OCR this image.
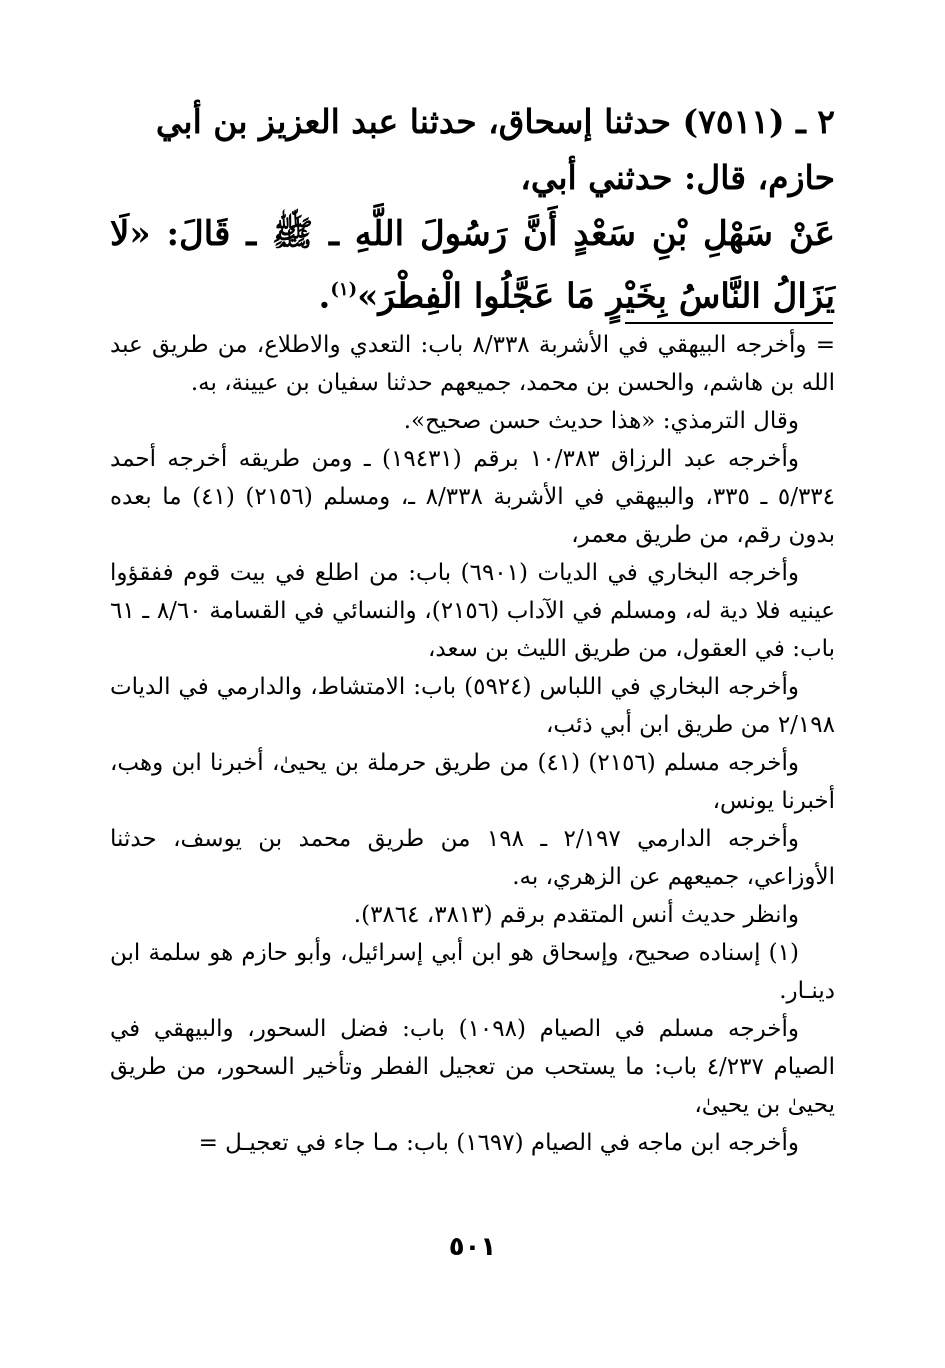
٢ ـ (٧٥١١) حدثنا إسحاق، حدثنا عبد العزيز بن أبي

حازم، قال: حدثني أبي،

عَنْ سَهْلِ بْنِ سَعْدٍ أَنَّ رَسُولَ اللَّهِ ـ ﷺ ـ قَالَ: «لَا يَزَالُ النَّاسُ بِخَيْرٍ مَا عَجَّلُوا الْفِطْرَ»$^{(١)}$.

= وأخرجه البيهقي في الأشربة ٨/٣٣٨ باب: التعدي والاطلاع، من طريق عبد الله بن هاشم، والحسن بن محمد، جميعهم حدثنا سفيان بن عيينة، به.

وقال الترمذي: «هذا حديث حسن صحيح».

وأخرجه عبد الرزاق ١٠/٣٨٣ برقم (١٩٤٣١) ـ ومن طريقه أخرجه أحمد ٥/٣٣٤ ـ ٣٣٥، والبيهقي في الأشربة ٨/٣٣٨ ـ، ومسلم (٢١٥٦) (٤١) ما بعده بدون رقم، من طريق معمر،

وأخرجه البخاري في الديات (٦٩٠١) باب: من اطلع في بيت قوم ففقؤوا عينيه فلا دية له، ومسلم في الآداب (٢١٥٦)، والنسائي في القسامة ٨/٦٠ ـ ٦١ باب: في العقول، من طريق الليث بن سعد،

وأخرجه البخاري في اللباس (٥٩٢٤) باب: الامتشاط، والدارمي في الديات ٢/١٩٨ من طريق ابن أبي ذئب،

وأخرجه مسلم (٢١٥٦) (٤١) من طريق حرملة بن يحيىٰ، أخبرنا ابن وهب، أخبرنا يونس،

وأخرجه الدارمي ٢/١٩٧ ـ ١٩٨ من طريق محمد بن يوسف، حدثنا الأوزاعي، جميعهم عن الزهري، به.

وانظر حديث أنس المتقدم برقم (٣٨١٣، ٣٨٦٤).

(١) إسناده صحيح، وإسحاق هو ابن أبي إسرائيل، وأبو حازم هو سلمة ابن دينـار.

وأخرجه مسلم في الصيام (١٠٩٨) باب: فضل السحور، والبيهقي في الصيام ٤/٢٣٧ باب: ما يستحب من تعجيل الفطر وتأخير السحور، من طريق يحيىٰ بن يحيىٰ،

وأخرجه ابن ماجه في الصيام (١٦٩٧) باب: مـا جاء في تعجيـل =

٥٠١
